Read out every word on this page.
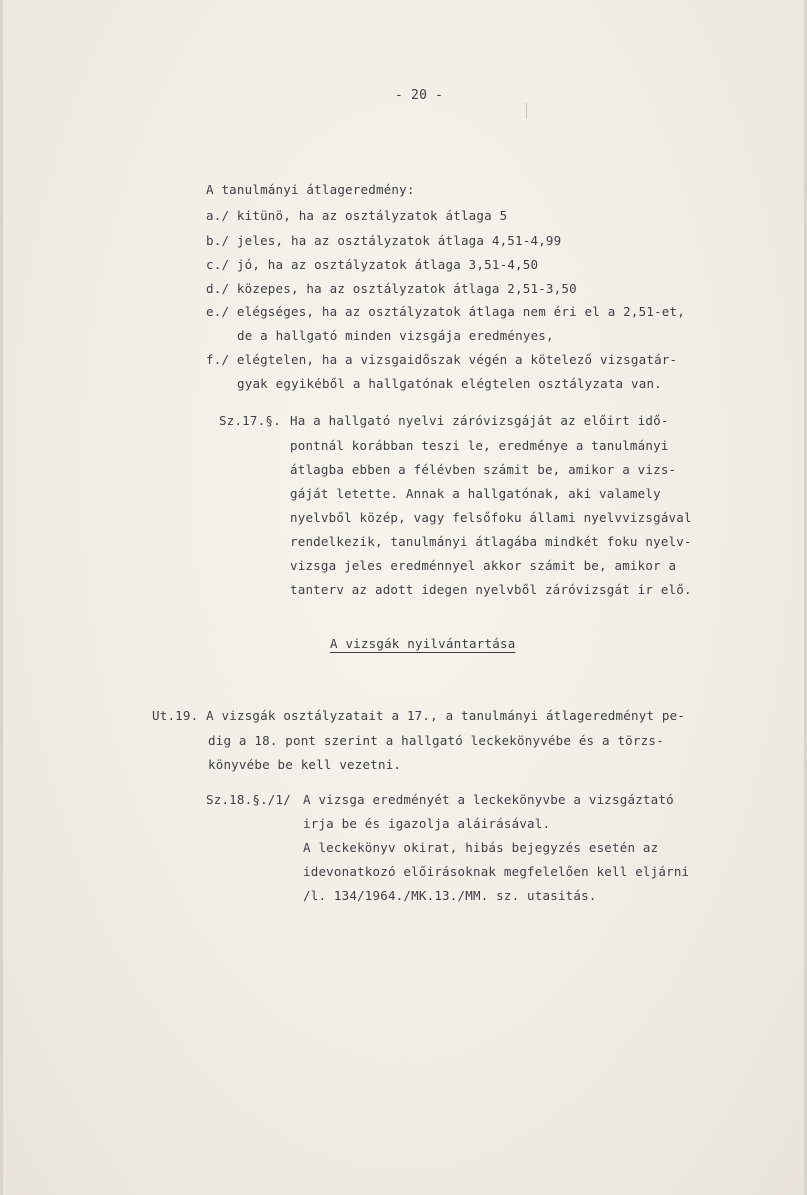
- 20 -
A tanulmányi átlageredmény:
a./ kitünö, ha az osztályzatok átlaga 5
b./ jeles, ha az osztályzatok átlaga 4,51-4,99
c./ jó, ha az osztályzatok átlaga 3,51-4,50
d./ közepes, ha az osztályzatok átlaga 2,51-3,50
e./ elégséges, ha az osztályzatok átlaga nem éri el a 2,51-et,
de a hallgató minden vizsgája eredményes,
f./ elégtelen, ha a vizsgaidőszak végén a kötelező vizsgatár-
gyak egyikéből a hallgatónak elégtelen osztályzata van.
Sz.17.§. Ha a hallgató nyelvi záróvizsgáját az előirt idő-
pontnál korábban teszi le, eredménye a tanulmányi
átlagba ebben a félévben számit be, amikor a vizs-
gáját letette. Annak a hallgatónak, aki valamely
nyelvből közép, vagy felsőfoku állami nyelvvizsgával
rendelkezik, tanulmányi átlagába mindkét foku nyelv-
vizsga jeles eredménnyel akkor számit be, amikor a
tanterv az adott idegen nyelvből záróvizsgát ir elő.
A vizsgák nyilvántartása
Ut.19. A vizsgák osztályzatait a 17., a tanulmányi átlageredményt pe-
dig a 18. pont szerint a hallgató leckekönyvébe és a törzs-
könyvébe be kell vezetni.
Sz.18.§./1/ A vizsga eredményét a leckekönyvbe a vizsgáztató
irja be és igazolja aláirásával.
A leckekönyv okirat, hibás bejegyzés esetén az
idevonatkozó előirásoknak megfelelően kell eljárni
/l. 134/1964./MK.13./MM. sz. utasitás.
